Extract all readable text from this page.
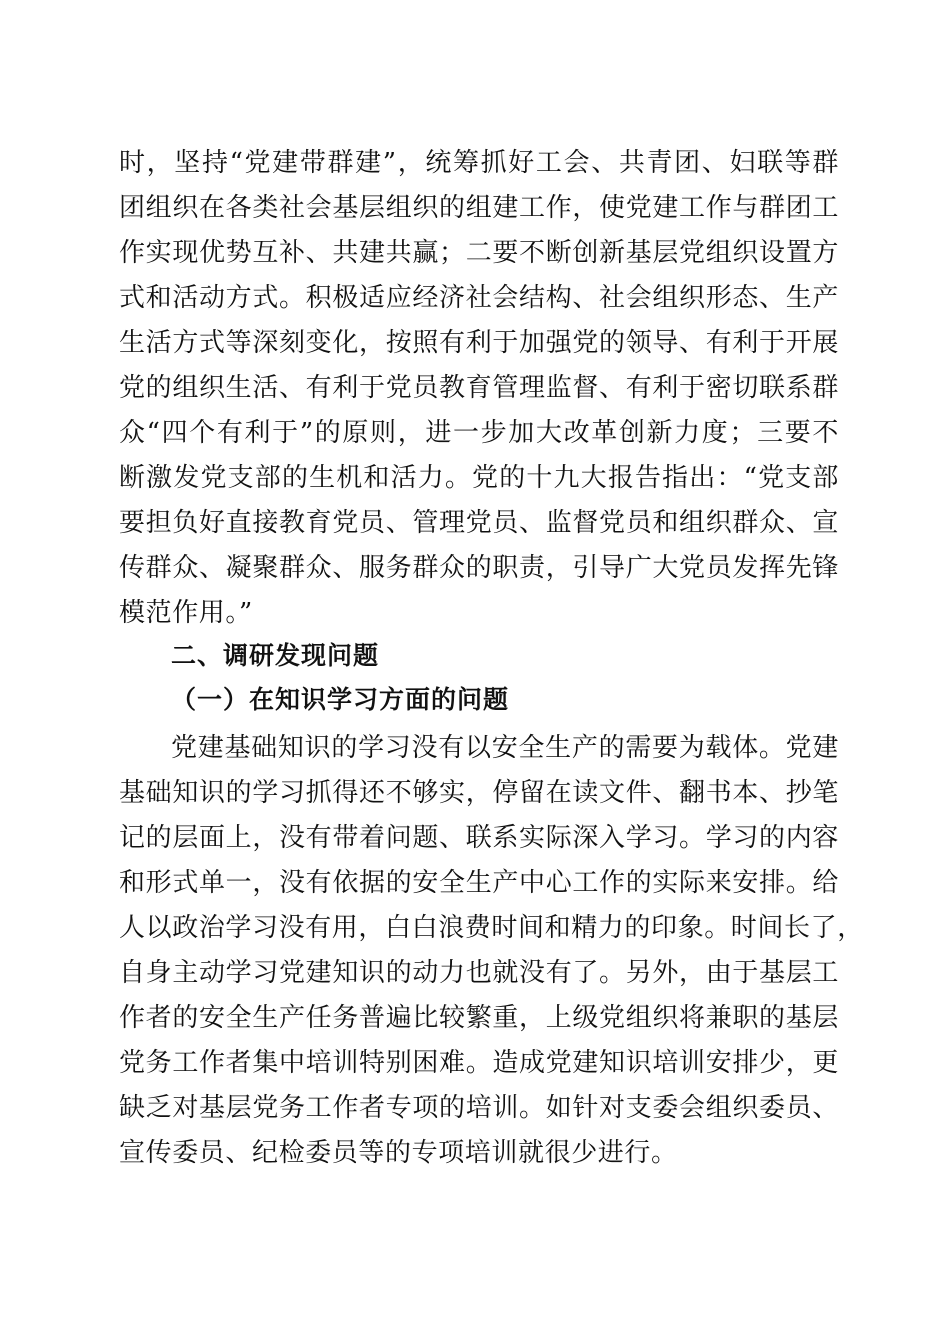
时，坚持“党建带群建”，统筹抓好工会、共青团、妇联等群
团组织在各类社会基层组织的组建工作，使党建工作与群团工
作实现优势互补、共建共赢；二要不断创新基层党组织设置方
式和活动方式。积极适应经济社会结构、社会组织形态、生产
生活方式等深刻变化，按照有利于加强党的领导、有利于开展
党的组织生活、有利于党员教育管理监督、有利于密切联系群
众“四个有利于”的原则，进一步加大改革创新力度；三要不
断激发党支部的生机和活力。党的十九大报告指出：“党支部
要担负好直接教育党员、管理党员、监督党员和组织群众、宣
传群众、凝聚群众、服务群众的职责，引导广大党员发挥先锋
模范作用。”
二、调研发现问题
（一）在知识学习方面的问题
党建基础知识的学习没有以安全生产的需要为载体。党建
基础知识的学习抓得还不够实，停留在读文件、翻书本、抄笔
记的层面上，没有带着问题、联系实际深入学习。学习的内容
和形式单一，没有依据的安全生产中心工作的实际来安排。给
人以政治学习没有用，白白浪费时间和精力的印象。时间长了，
自身主动学习党建知识的动力也就没有了。另外，由于基层工
作者的安全生产任务普遍比较繁重，上级党组织将兼职的基层
党务工作者集中培训特别困难。造成党建知识培训安排少，更
缺乏对基层党务工作者专项的培训。如针对支委会组织委员、
宣传委员、纪检委员等的专项培训就很少进行。
